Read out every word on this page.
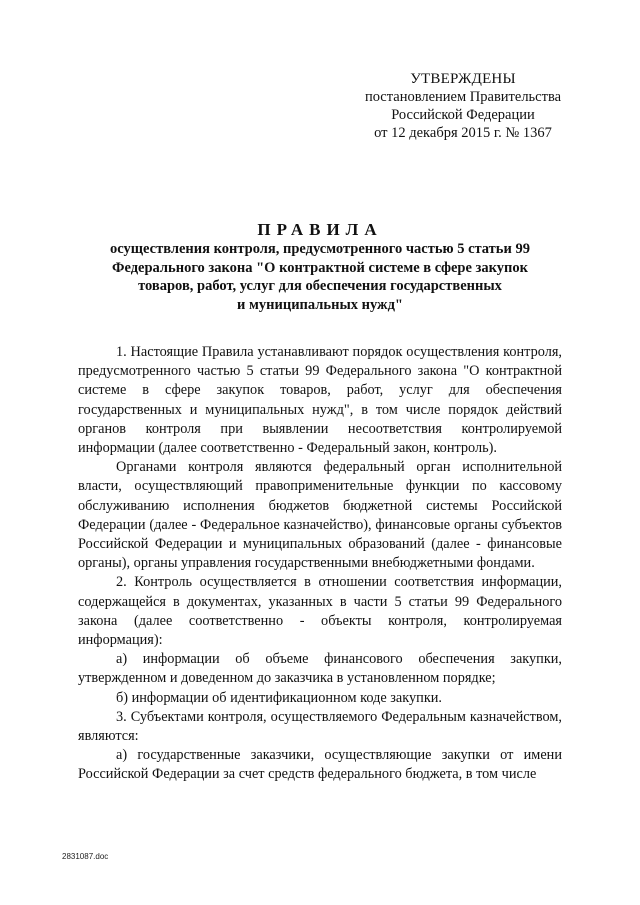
УТВЕРЖДЕНЫ
постановлением Правительства
Российской Федерации
от 12 декабря 2015 г. № 1367
ПРАВИЛА
осуществления контроля, предусмотренного частью 5 статьи 99
Федерального закона "О контрактной системе в сфере закупок
товаров, работ, услуг для обеспечения государственных
и муниципальных нужд"

1. Настоящие Правила устанавливают порядок осуществления контроля, предусмотренного частью 5 статьи 99 Федерального закона "О контрактной системе в сфере закупок товаров, работ, услуг для обеспечения государственных и муниципальных нужд", в том числе порядок действий органов контроля при выявлении несоответствия контролируемой информации (далее соответственно - Федеральный закон, контроль).

Органами контроля являются федеральный орган исполнительной власти, осуществляющий правоприменительные функции по кассовому обслуживанию исполнения бюджетов бюджетной системы Российской Федерации (далее - Федеральное казначейство), финансовые органы субъектов Российской Федерации и муниципальных образований (далее - финансовые органы), органы управления государственными внебюджетными фондами.

2. Контроль осуществляется в отношении соответствия информации, содержащейся в документах, указанных в части 5 статьи 99 Федерального закона (далее соответственно - объекты контроля, контролируемая информация):

а) информации об объеме финансового обеспечения закупки, утвержденном и доведенном до заказчика в установленном порядке;

б) информации об идентификационном коде закупки.

3. Субъектами контроля, осуществляемого Федеральным казначейством, являются:

а) государственные заказчики, осуществляющие закупки от имени Российской Федерации за счет средств федерального бюджета, в том числе

2831087.doc
